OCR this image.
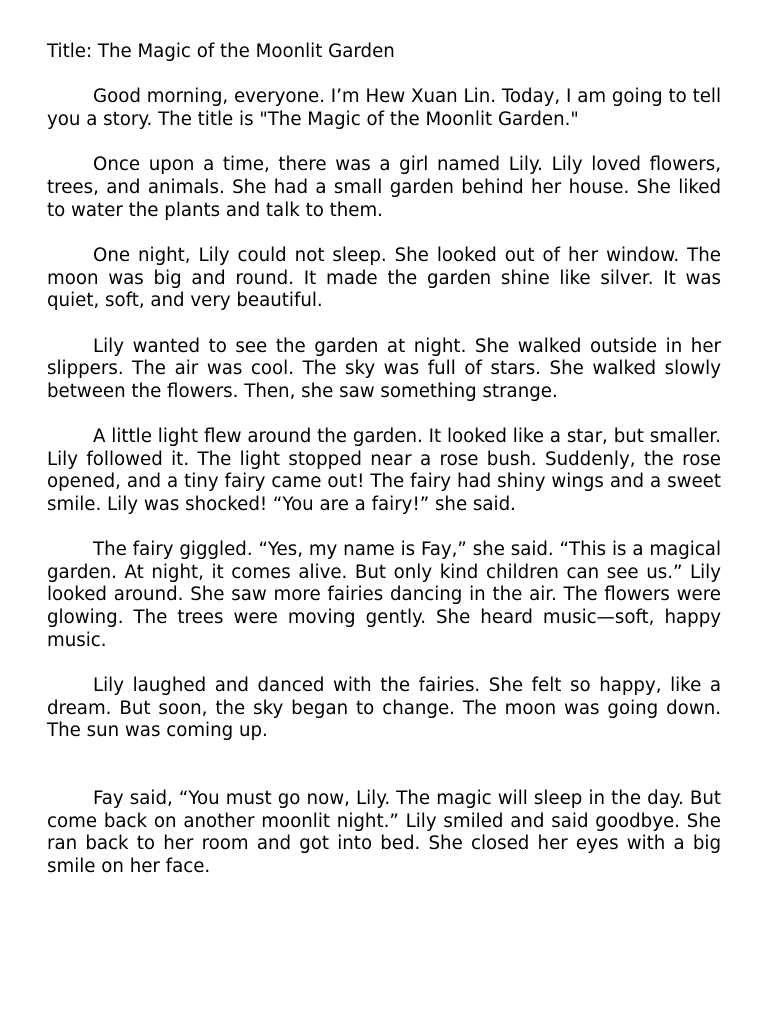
Title: The Magic of the Moonlit Garden

Good morning, everyone. I’m Hew Xuan Lin. Today, I am going to tell you a story. The title is "The Magic of the Moonlit Garden."

Once upon a time, there was a girl named Lily. Lily loved flowers, trees, and animals. She had a small garden behind her house. She liked to water the plants and talk to them.

One night, Lily could not sleep. She looked out of her window. The moon was big and round. It made the garden shine like silver. It was quiet, soft, and very beautiful.

Lily wanted to see the garden at night. She walked outside in her slippers. The air was cool. The sky was full of stars. She walked slowly between the flowers. Then, she saw something strange.

A little light flew around the garden. It looked like a star, but smaller. Lily followed it. The light stopped near a rose bush. Suddenly, the rose opened, and a tiny fairy came out! The fairy had shiny wings and a sweet smile. Lily was shocked! “You are a fairy!” she said.

The fairy giggled. “Yes, my name is Fay,” she said. “This is a magical garden. At night, it comes alive. But only kind children can see us.” Lily looked around. She saw more fairies dancing in the air. The flowers were glowing. The trees were moving gently. She heard music—soft, happy music.

Lily laughed and danced with the fairies. She felt so happy, like a dream. But soon, the sky began to change. The moon was going down. The sun was coming up.

Fay said, “You must go now, Lily. The magic will sleep in the day. But come back on another moonlit night.” Lily smiled and said goodbye. She ran back to her room and got into bed. She closed her eyes with a big smile on her face.
